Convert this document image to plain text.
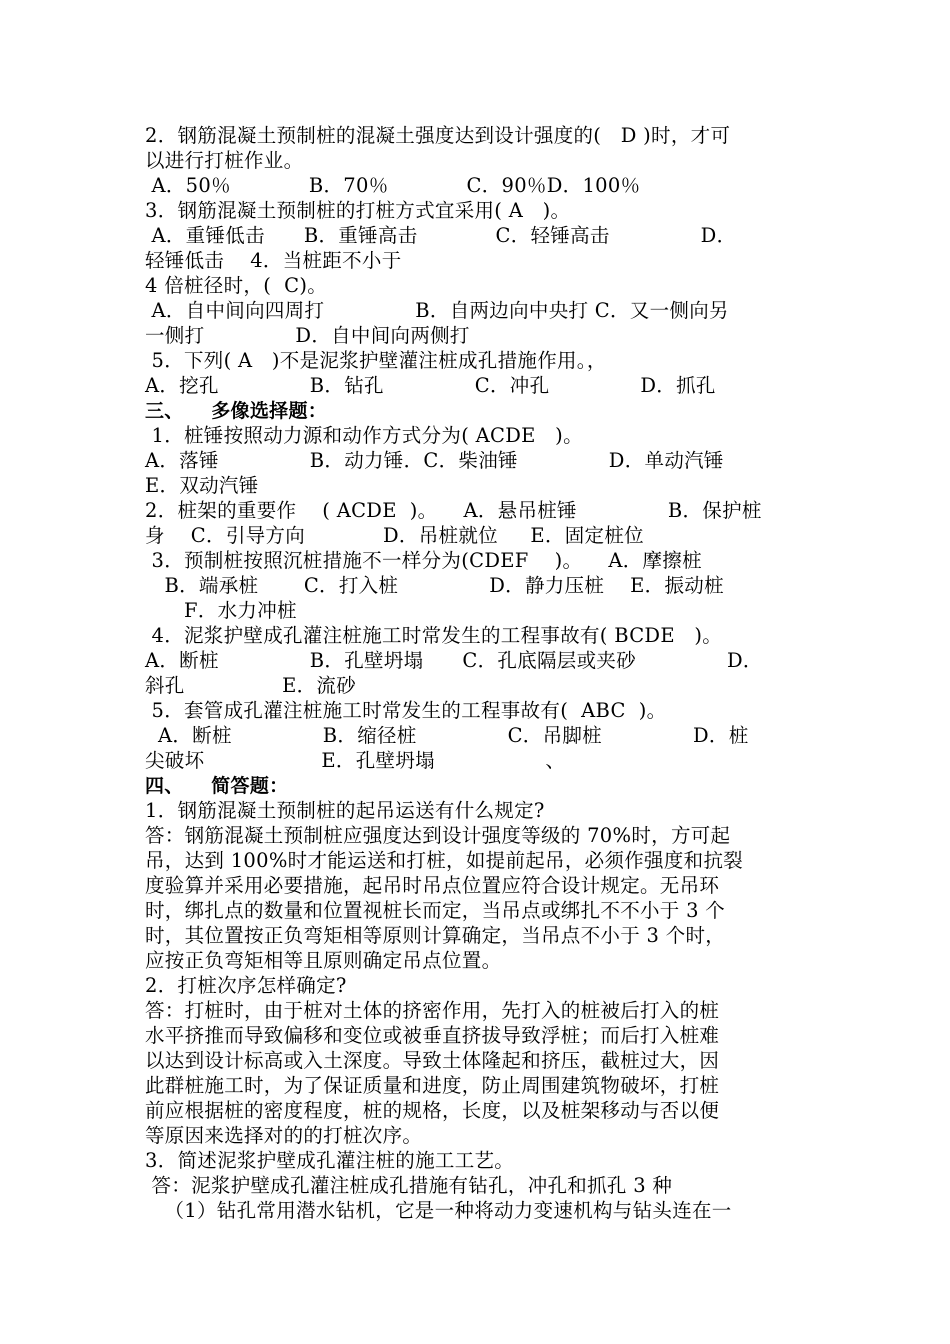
2．钢筋混凝土预制桩的混凝土强度达到设计强度的(   D )时，才可
以进行打桩作业。
A．50％            B．70％            C．90％D．100％
3．钢筋混凝土预制桩的打桩方式宜采用( A   )。
A．重锤低击      B．重锤高击            C．轻锤高击              D．
轻锤低击    4．当桩距不小于
4 倍桩径时，(  C)。
A．自中间向四周打              B．自两边向中央打 C．又一侧向另
一侧打              D．自中间向两侧打
5．下列( A   )不是泥浆护壁灌注桩成孔措施作用。，
A．挖孔              B．钻孔              C．冲孔              D．抓孔
三、    多像选择题：
1．桩锤按照动力源和动作方式分为( ACDE   )。
A．落锤              B．动力锤．C．柴油锤              D．单动汽锤
E．双动汽锤
2．桩架的重要作    ( ACDE  )。    A．悬吊桩锤              B．保护桩
身    C．引导方向            D．吊桩就位     E．固定桩位
3．预制桩按照沉桩措施不一样分为(CDEF    )。    A．摩擦桩
B．端承桩       C．打入桩              D．静力压桩    E．振动桩
F．水力冲桩
4．泥浆护壁成孔灌注桩施工时常发生的工程事故有( BCDE   )。
A．断桩              B．孔壁坍塌      C．孔底隔层或夹砂              D．
斜孔               E．流砂
5．套管成孔灌注桩施工时常发生的工程事故有(  ABC  )。
A．断桩              B．缩径桩              C．吊脚桩              D．桩
尖破坏                  E．孔壁坍塌                 、
四、    简答题：
1．钢筋混凝土预制桩的起吊运送有什么规定?
答：钢筋混凝土预制桩应强度达到设计强度等级的 70%时，方可起
吊，达到 100%时才能运送和打桩，如提前起吊，必须作强度和抗裂
度验算并采用必要措施，起吊时吊点位置应符合设计规定。无吊环
时，绑扎点的数量和位置视桩长而定，当吊点或绑扎不不小于 3 个
时，其位置按正负弯矩相等原则计算确定，当吊点不小于 3 个时，
应按正负弯矩相等且原则确定吊点位置。
2．打桩次序怎样确定?
答：打桩时，由于桩对土体的挤密作用，先打入的桩被后打入的桩
水平挤推而导致偏移和变位或被垂直挤拔导致浮桩；而后打入桩难
以达到设计标高或入土深度。导致土体隆起和挤压，截桩过大，因
此群桩施工时，为了保证质量和进度，防止周围建筑物破坏，打桩
前应根据桩的密度程度，桩的规格，长度，以及桩架移动与否以便
等原因来选择对的的打桩次序。
3．简述泥浆护壁成孔灌注桩的施工工艺。
答：泥浆护壁成孔灌注桩成孔措施有钻孔，冲孔和抓孔 3 种
（1）钻孔常用潜水钻机，它是一种将动力变速机构与钻头连在一
